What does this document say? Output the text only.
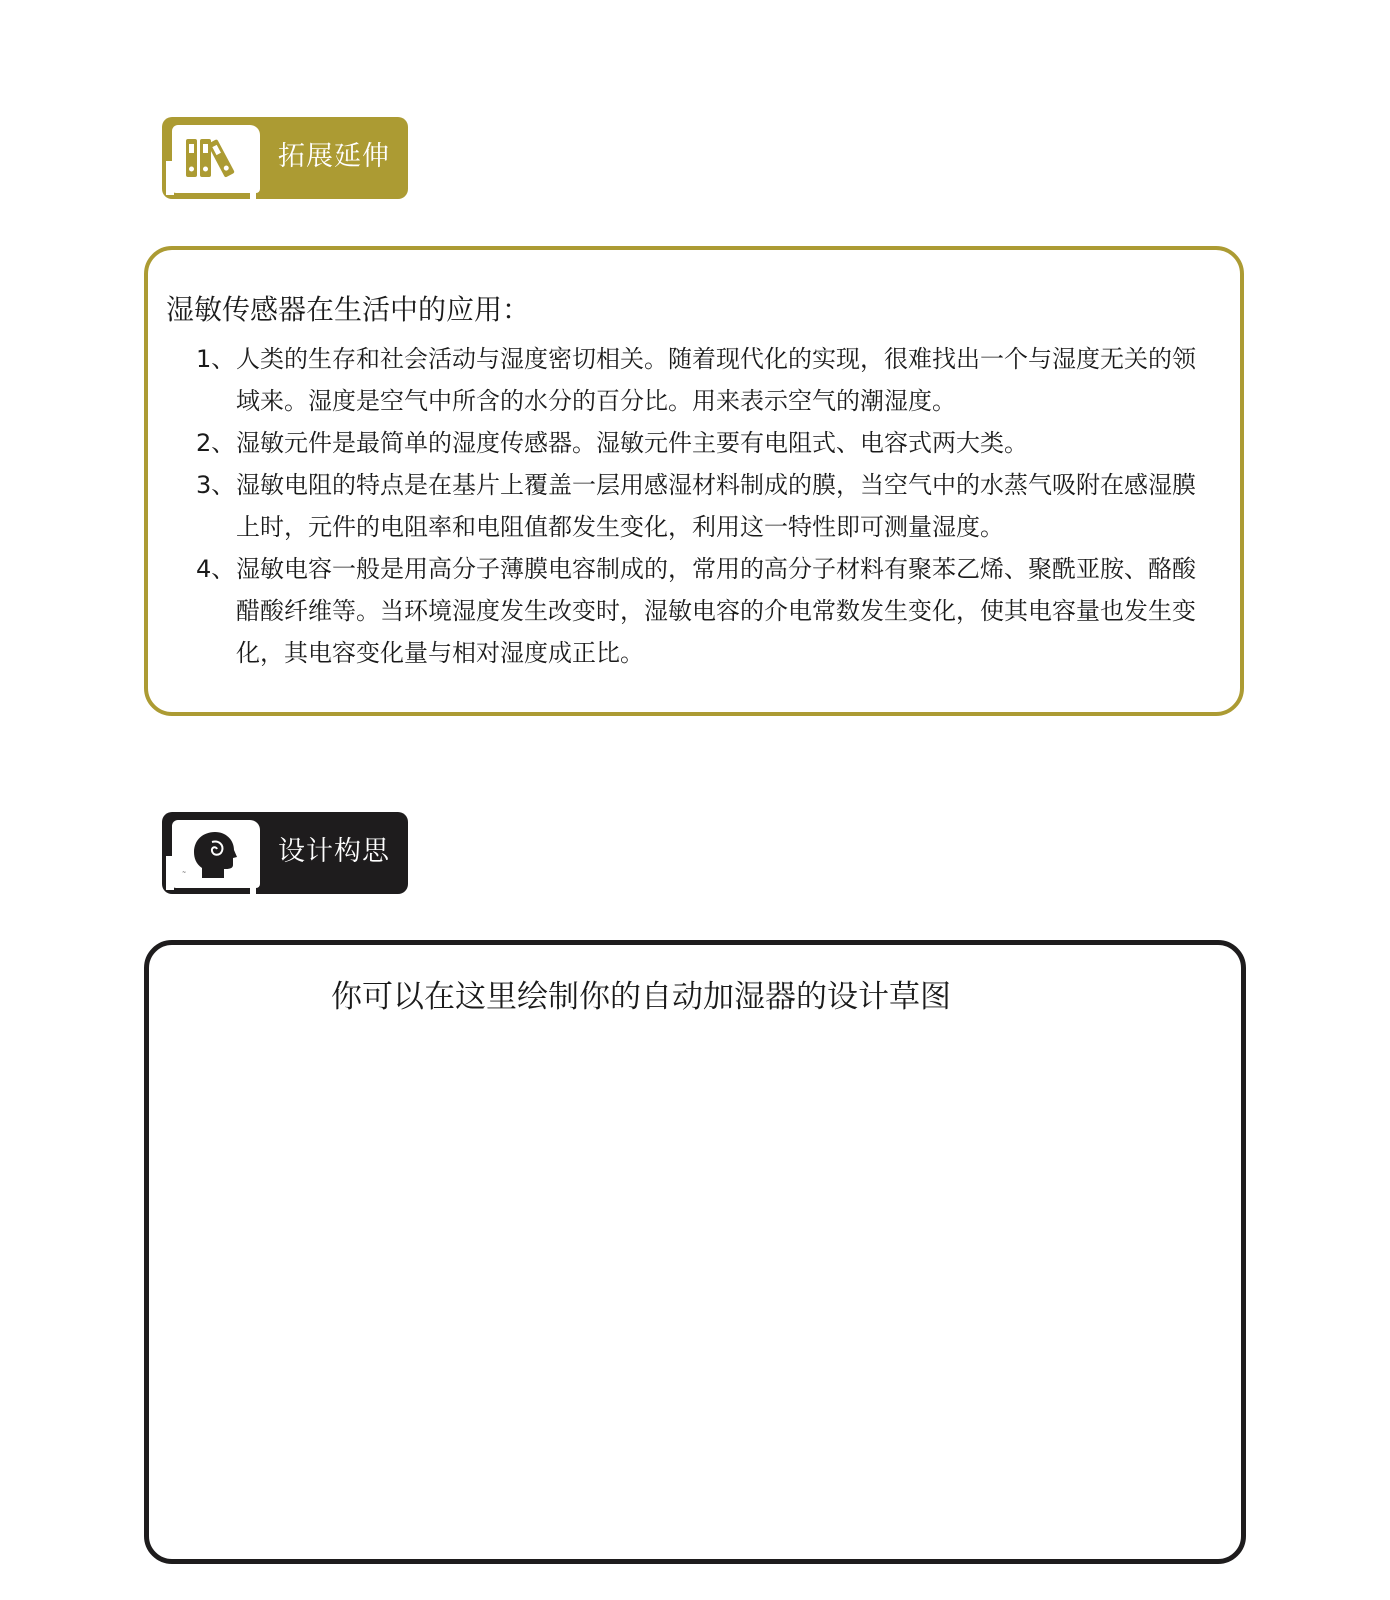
拓展延伸
湿敏传感器在生活中的应用：
1、 人类的生存和社会活动与湿度密切相关。随着现代化的实现，很难找出一个与湿度无关的领域来。湿度是空气中所含的水分的百分比。用来表示空气的潮湿度。
2、 湿敏元件是最简单的湿度传感器。湿敏元件主要有电阻式、电容式两大类。
3、 湿敏电阻的特点是在基片上覆盖一层用感湿材料制成的膜，当空气中的水蒸气吸附在感湿膜上时，元件的电阻率和电阻值都发生变化，利用这一特性即可测量湿度。
4、 湿敏电容一般是用高分子薄膜电容制成的，常用的高分子材料有聚苯乙烯、聚酰亚胺、酪酸醋酸纤维等。当环境湿度发生改变时，湿敏电容的介电常数发生变化，使其电容量也发生变化，其电容变化量与相对湿度成正比。
~
设计构思
你可以在这里绘制你的自动加湿器的设计草图
